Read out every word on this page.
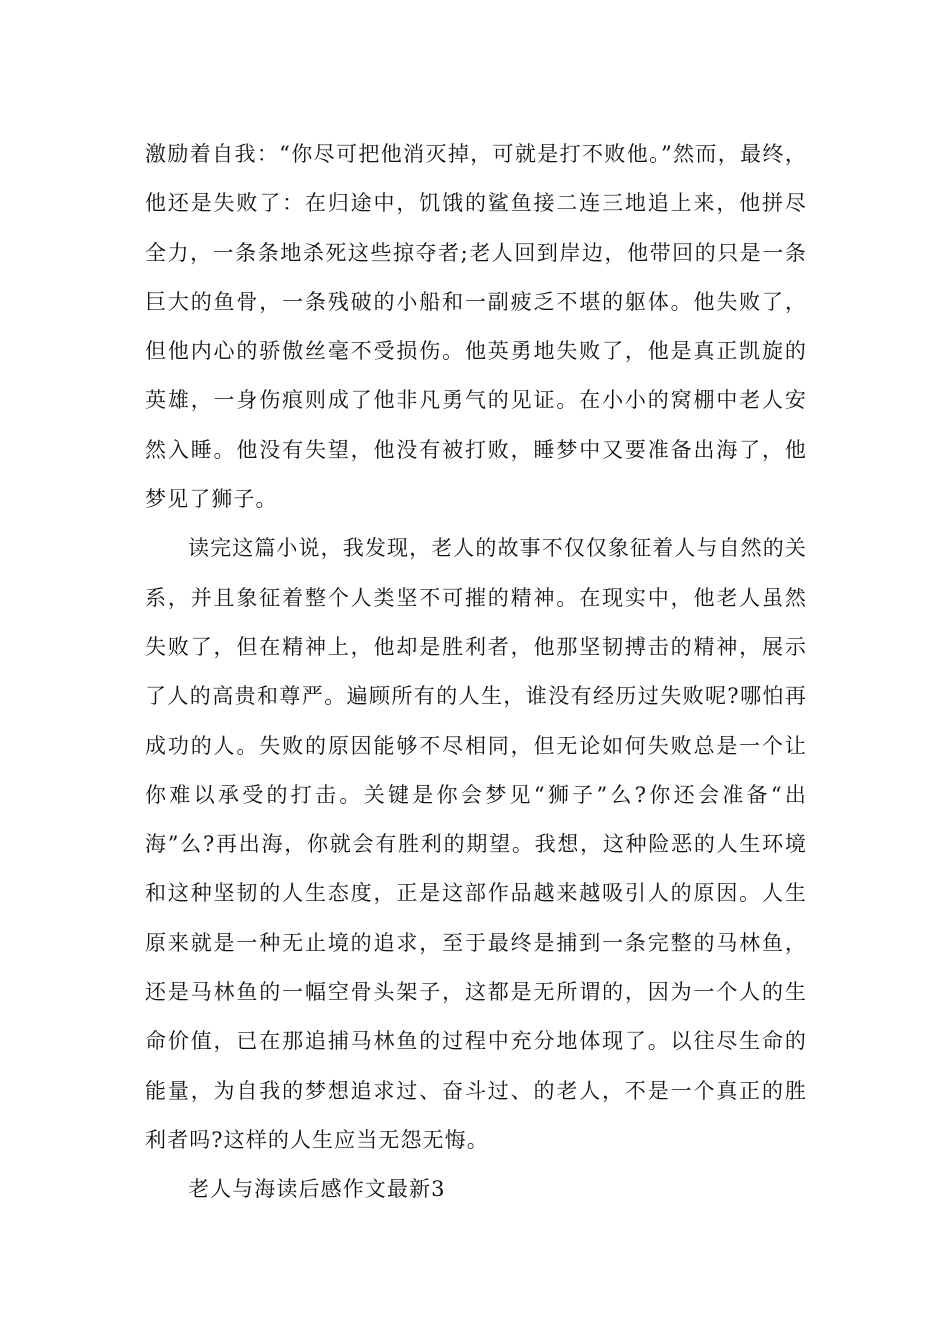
激励着自我：“你尽可把他消灭掉，可就是打不败他。”然而，最终，他还是失败了：在归途中，饥饿的鲨鱼接二连三地追上来，他拼尽全力，一条条地杀死这些掠夺者;老人回到岸边，他带回的只是一条巨大的鱼骨，一条残破的小船和一副疲乏不堪的躯体。他失败了，但他内心的骄傲丝毫不受损伤。他英勇地失败了，他是真正凯旋的英雄，一身伤痕则成了他非凡勇气的见证。在小小的窝棚中老人安然入睡。他没有失望，他没有被打败，睡梦中又要准备出海了，他梦见了狮子。

读完这篇小说，我发现，老人的故事不仅仅象征着人与自然的关系，并且象征着整个人类坚不可摧的精神。在现实中，他老人虽然失败了，但在精神上，他却是胜利者，他那坚韧搏击的精神，展示了人的高贵和尊严。遍顾所有的人生，谁没有经历过失败呢?哪怕再成功的人。失败的原因能够不尽相同，但无论如何失败总是一个让你难以承受的打击。关键是你会梦见“狮子”么?你还会准备“出海”么?再出海，你就会有胜利的期望。我想，这种险恶的人生环境和这种坚韧的人生态度，正是这部作品越来越吸引人的原因。人生原来就是一种无止境的追求，至于最终是捕到一条完整的马林鱼，还是马林鱼的一幅空骨头架子，这都是无所谓的，因为一个人的生命价值，已在那追捕马林鱼的过程中充分地体现了。以往尽生命的能量，为自我的梦想追求过、奋斗过、的老人，不是一个真正的胜利者吗?这样的人生应当无怨无悔。

老人与海读后感作文最新3
